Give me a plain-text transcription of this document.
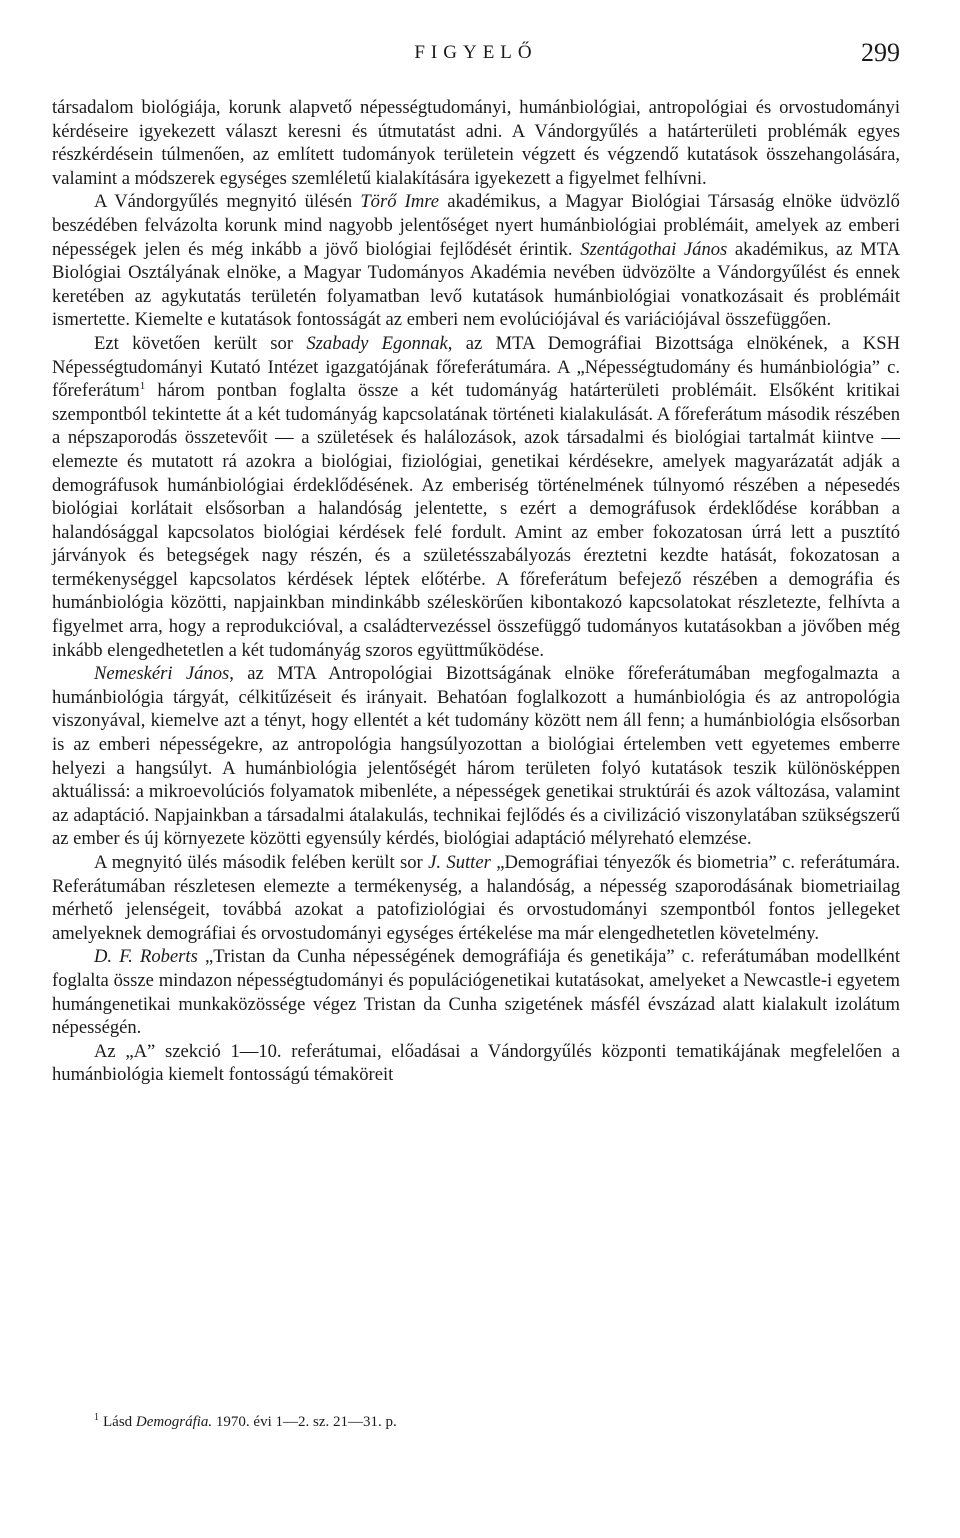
FIGYELŐ	299

társadalom biológiája, korunk alapvető népességtudományi, humánbiológiai, antropológiai és orvostudományi kérdéseire igyekezett választ keresni és útmutatást adni. A Vándorgyűlés a határterületi problémák egyes részkérdésein túlmenően, az említett tudományok területein végzett és végzendő kutatások összehangolására, valamint a módszerek egységes szemléletű kialakítására igyekezett a figyelmet felhívni.

A Vándorgyűlés megnyitó ülésén Törő Imre akadémikus, a Magyar Biológiai Társaság elnöke üdvözlő beszédében felvázolta korunk mind nagyobb jelentőséget nyert humánbiológiai problémáit, amelyek az emberi népességek jelen és még inkább a jövő biológiai fejlődését érintik. Szentágothai János akadémikus, az MTA Biológiai Osztályának elnöke, a Magyar Tudományos Akadémia nevében üdvözölte a Vándorgyűlést és ennek keretében az agykutatás területén folyamatban levő kutatások humánbiológiai vonatkozásait és problémáit ismertette. Kiemelte e kutatások fontosságát az emberi nem evolúciójával és variációjával összefüggően.

Ezt követően került sor Szabady Egonnak, az MTA Demográfiai Bizottsága elnökének, a KSH Népességtudományi Kutató Intézet igazgatójának főreferátumára. A „Népességtudomány és humánbiológia” c. főreferátum$^1$ három pontban foglalta össze a két tudományág határterületi problémáit. Elsőként kritikai szempontból tekintette át a két tudományág kapcsolatának történeti kialakulását. A főreferátum második részében a népszaporodás összetevőit — a születések és halálozások, azok társadalmi és biológiai tartalmát kiintve — elemezte és mutatott rá azokra a biológiai, fiziológiai, genetikai kérdésekre, amelyek magyarázatát adják a demográfusok humánbiológiai érdeklődésének. Az emberiség történelmének túlnyomó részében a népesedés biológiai korlátait elsősorban a halandóság jelentette, s ezért a demográfusok érdeklődése korábban a halandósággal kapcsolatos biológiai kérdések felé fordult. Amint az ember fokozatosan úrrá lett a pusztító járványok és betegségek nagy részén, és a születésszabályozás éreztetni kezdte hatását, fokozatosan a termékenységgel kapcsolatos kérdések léptek előtérbe. A főreferátum befejező részében a demográfia és humánbiológia közötti, napjainkban mindinkább széleskörűen kibontakozó kapcsolatokat részletezte, felhívta a figyelmet arra, hogy a reprodukcióval, a családtervezéssel összefüggő tudományos kutatásokban a jövőben még inkább elengedhetetlen a két tudományág szoros együttműködése.

Nemeskéri János, az MTA Antropológiai Bizottságának elnöke főreferátumában megfogalmazta a humánbiológia tárgyát, célkitűzéseit és irányait. Behatóan foglalkozott a humánbiológia és az antropológia viszonyával, kiemelve azt a tényt, hogy ellentét a két tudomány között nem áll fenn; a humánbiológia elsősorban is az emberi népességekre, az antropológia hangsúlyozottan a biológiai értelemben vett egyetemes emberre helyezi a hangsúlyt. A humánbiológia jelentőségét három területen folyó kutatások teszik különösképpen aktuálissá: a mikroevolúciós folyamatok mibenléte, a népességek genetikai struktúrái és azok változása, valamint az adaptáció. Napjainkban a társadalmi átalakulás, technikai fejlődés és a civilizáció viszonylatában szükségszerű az ember és új környezete közötti egyensúly kérdés, biológiai adaptáció mélyreható elemzése.

A megnyitó ülés második felében került sor J. Sutter „Demográfiai tényezők és biometria” c. referátumára. Referátumában részletesen elemezte a termékenység, a halandóság, a népesség szaporodásának biometriailag mérhető jelenségeit, továbbá azokat a patofiziológiai és orvostudományi szempontból fontos jellegeket amelyeknek demográfiai és orvostudományi egységes értékelése ma már elengedhetetlen követelmény.

D. F. Roberts „Tristan da Cunha népességének demográfiája és genetikája” c. referátumában modellként foglalta össze mindazon népességtudományi és populációgenetikai kutatásokat, amelyeket a Newcastle-i egyetem humángenetikai munkaközössége végez Tristan da Cunha szigetének másfél évszázad alatt kialakult izolátum népességén.

Az „A” szekció 1—10. referátumai, előadásai a Vándorgyűlés központi tematikájának megfelelően a humánbiológia kiemelt fontosságú témaköreit

$^1$ Lásd Demográfia. 1970. évi 1—2. sz. 21—31. p.
